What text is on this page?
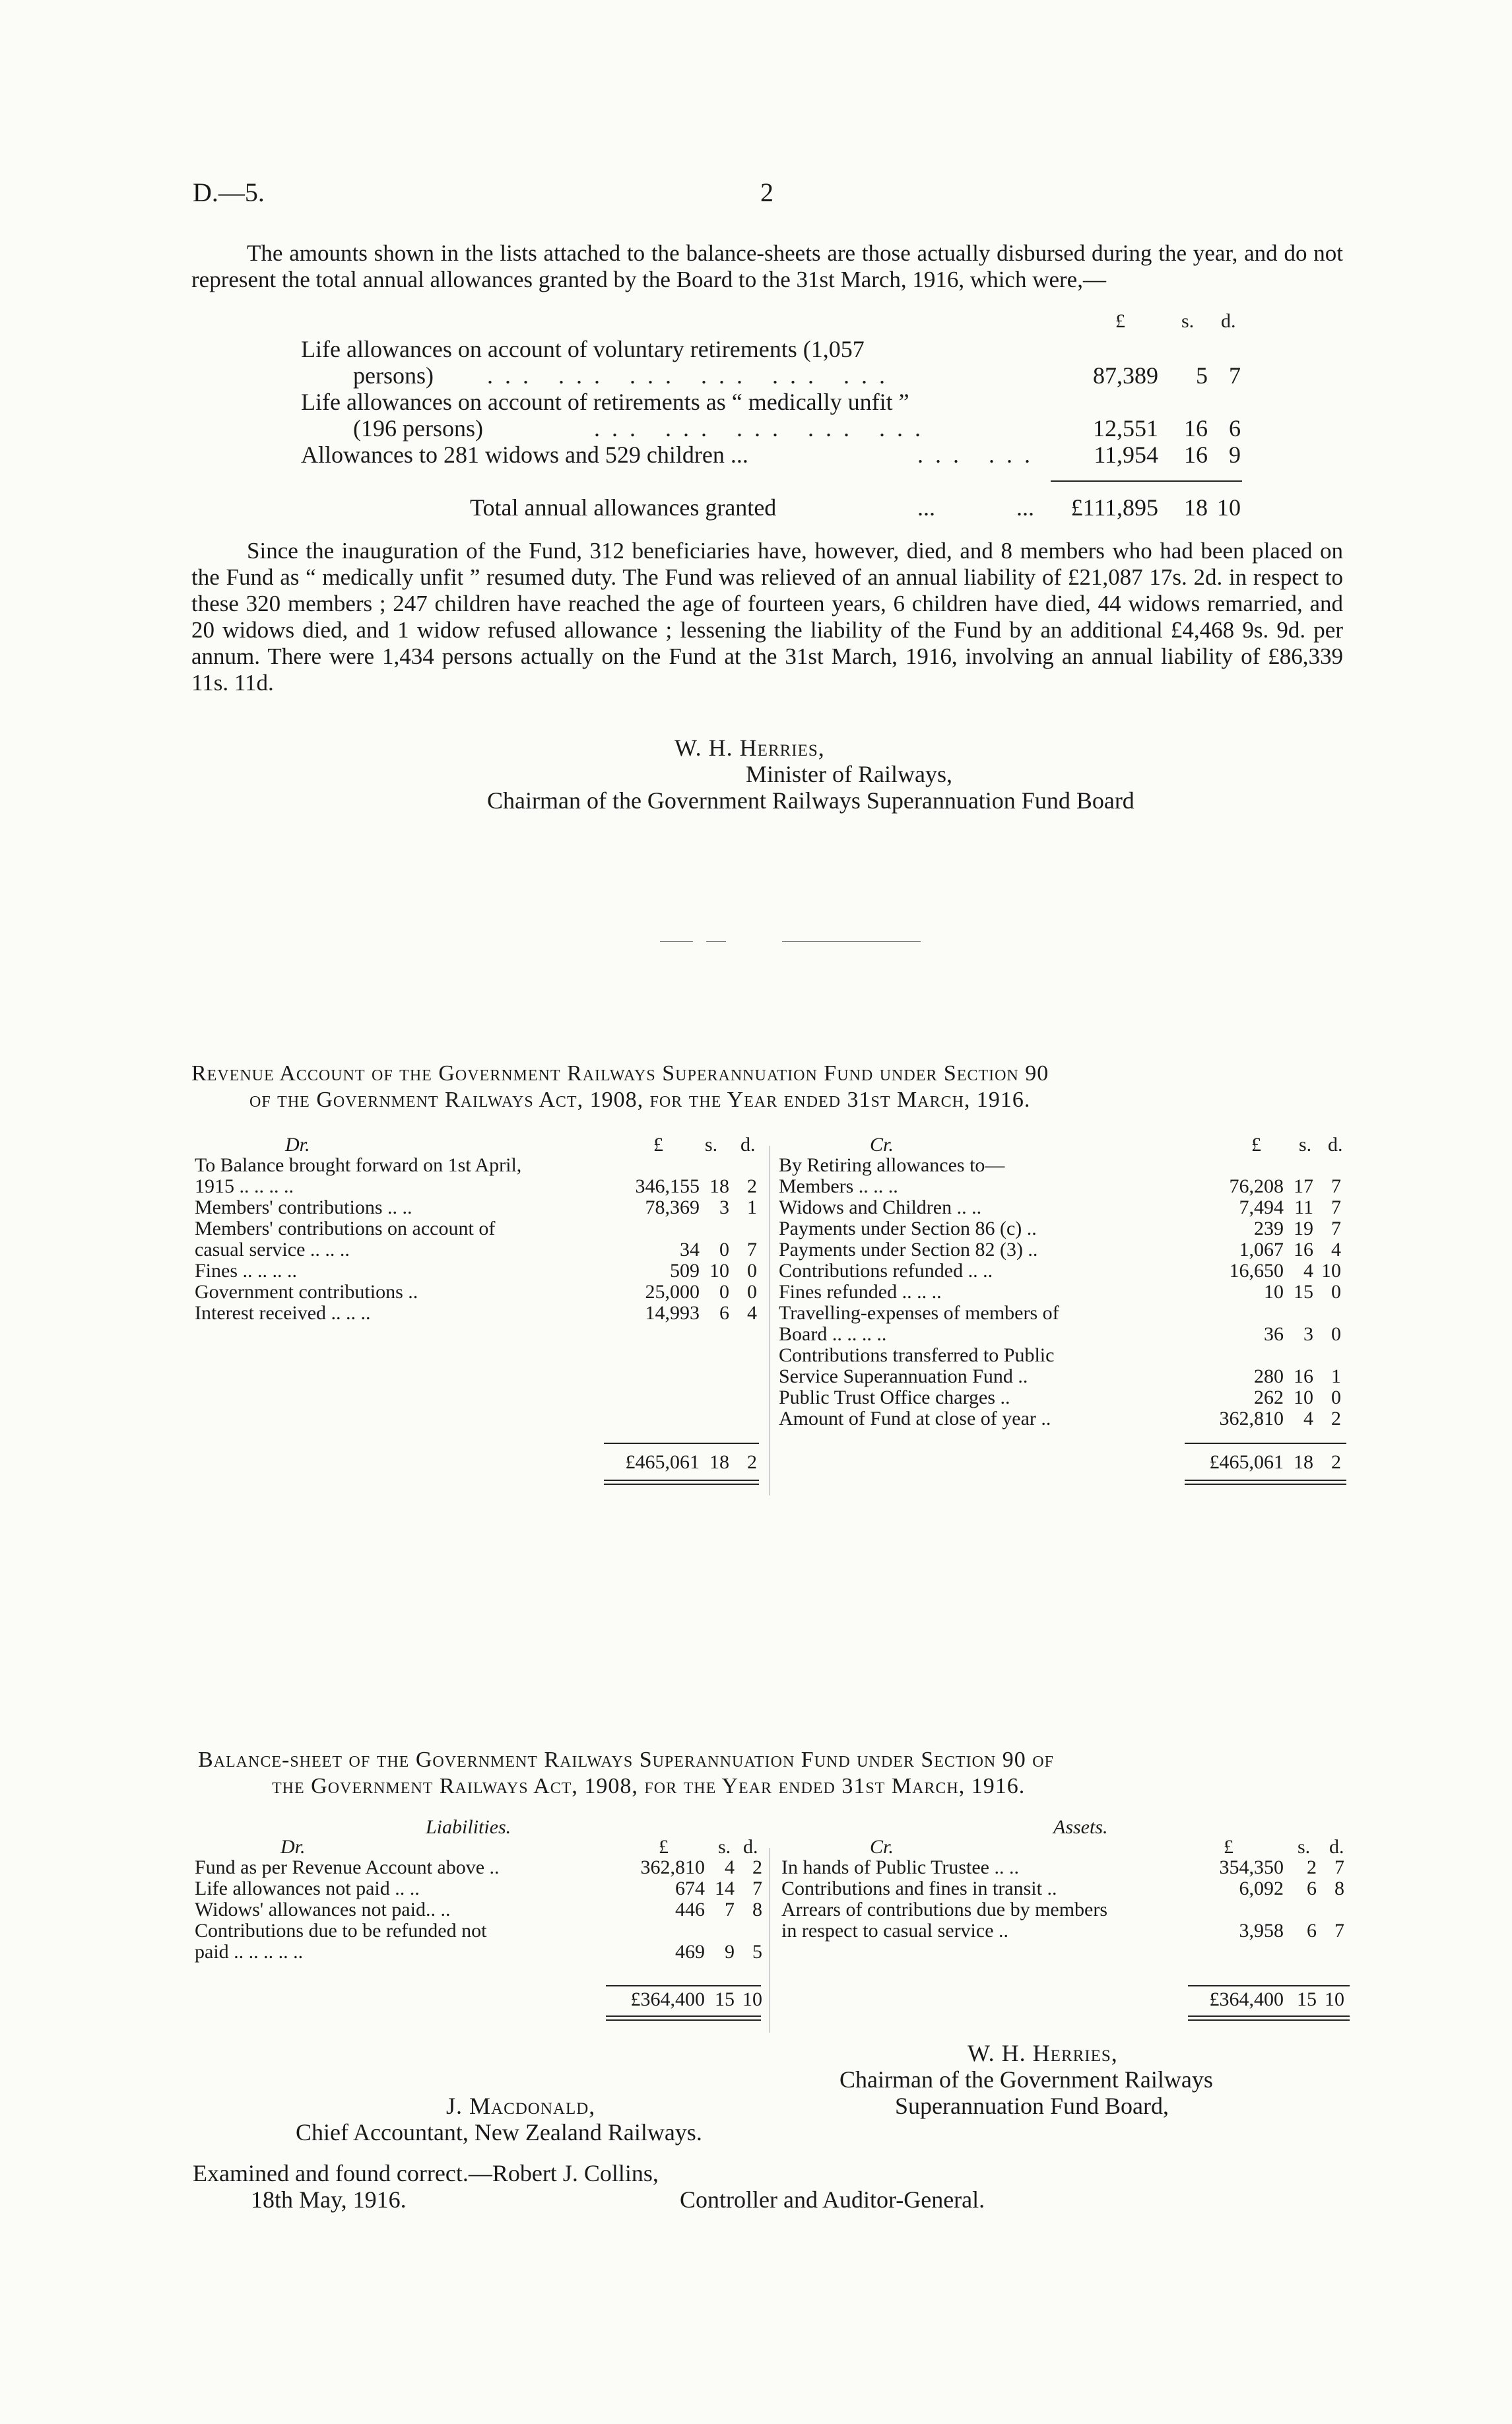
D.—5.	2
The amounts shown in the lists attached to the balance-sheets are those actually disbursed during the year, and do not represent the total annual allowances granted by the Board to the 31st March, 1916, which were,—
£	s. d.
Life allowances on account of voluntary retirements (1,057
persons) ... ... ... ... ... ...	87,389	5 7
Life allowances on account of retirements as “ medically unfit ”
(196 persons)	... ... ... ... ...	12,551	16 6
Allowances to 281 widows and 529 children ...	... ...	11,954	16 9
Total annual allowances granted	...	...	£111,895	18 10
Since the inauguration of the Fund, 312 beneficiaries have, however, died, and 8 members who had been placed on the Fund as “ medically unfit ” resumed duty. The Fund was relieved of an annual liability of £21,087 17s. 2d. in respect to these 320 members ; 247 children have reached the age of fourteen years, 6 children have died, 44 widows remarried, and 20 widows died, and 1 widow refused allowance ; lessening the liability of the Fund by an additional £4,468 9s. 9d. per annum. There were 1,434 persons actually on the Fund at the 31st March, 1916, involving an annual liability of £86,339 11s. 11d.
W. H. Herries,
Minister of Railways,
Chairman of the Government Railways Superannuation Fund Board
Revenue Account of the Government Railways Superannuation Fund under Section 90
of the Government Railways Act, 1908, for the Year ended 31st March, 1916.
Dr.	£ s. d.	Cr.	£ s. d.
To Balance brought forward on 1st April,
1915 .. .. .. ..	346,155 18 2
Members' contributions .. ..	78,369	3 1
Members' contributions on account of
casual service .. .. ..	34	0 7
Fines .. .. .. ..	509 10 0
Government contributions ..	25,000	0 0
Interest received .. .. ..	14,993	6 4
By Retiring allowances to—
Members .. .. ..	76,208 17 7
Widows and Children .. ..	7,494 11 7
Payments under Section 86 (c) ..	239 19 7
Payments under Section 82 (3) ..	1,067 16 4
Contributions refunded .. ..	16,650	4 10
Fines refunded .. .. ..	10 15 0
Travelling-expenses of members of
Board .. .. .. ..	36	3 0
Contributions transferred to Public
Service Superannuation Fund ..	280 16 1
Public Trust Office charges ..	262 10 0
Amount of Fund at close of year ..	362,810	4 2
£465,061 18 2	£465,061 18 2
Balance-sheet of the Government Railways Superannuation Fund under Section 90 of
the Government Railways Act, 1908, for the Year ended 31st March, 1916.
Liabilities.	Assets.
Dr.	£	s. d.	Cr.	£	s. d.
Fund as per Revenue Account above ..	362,810	4 2
Life allowances not paid .. ..	674 14 7
Widows' allowances not paid.. ..	446	7 8
Contributions due to be refunded not
paid .. .. .. .. ..	469	9 5
In hands of Public Trustee .. ..	354,350	2 7
Contributions and fines in transit ..	6,092	6 8
Arrears of contributions due by members
in respect to casual service ..	3,958	6 7
£364,400 15 10	£364,400 15 10
W. H. Herries,
Chairman of the Government Railways
Superannuation Fund Board,
J. Macdonald,
Chief Accountant, New Zealand Railways.
Examined and found correct.—Robert J. Collins,
18th May, 1916.	Controller and Auditor-General.
